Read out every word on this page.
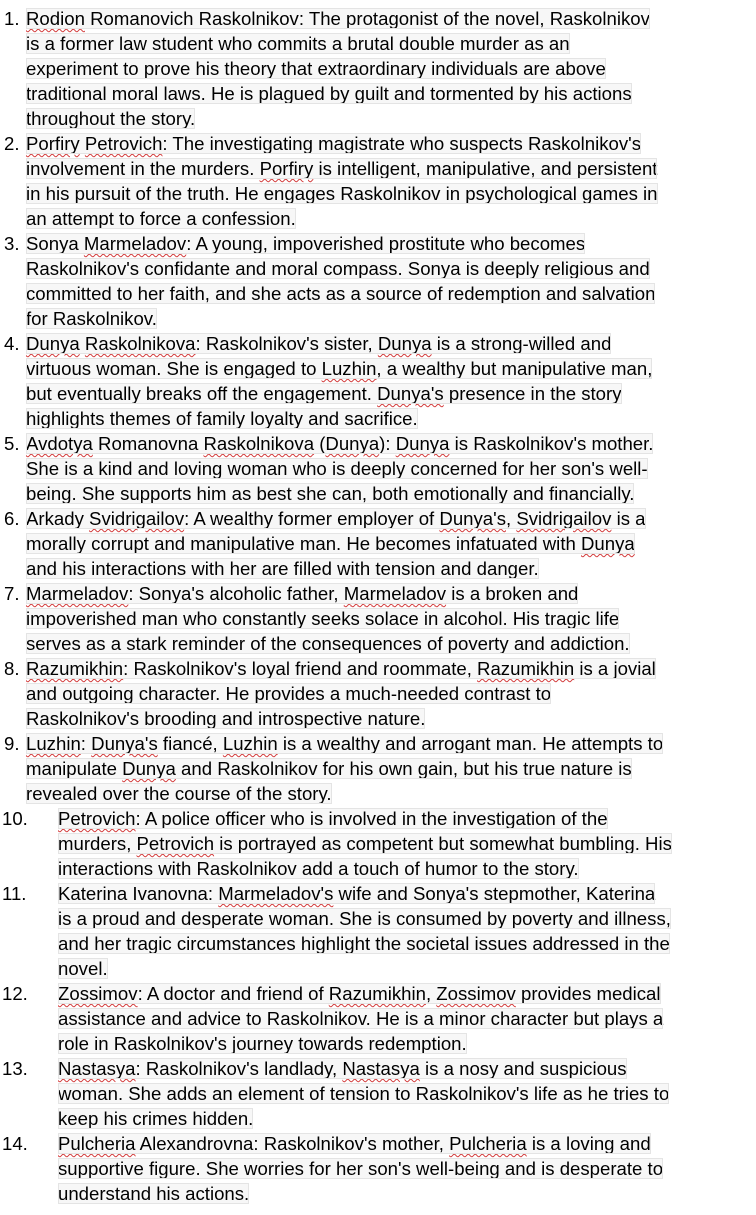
1. Rodion Romanovich Raskolnikov: The protagonist of the novel, Raskolnikov
is a former law student who commits a brutal double murder as an
experiment to prove his theory that extraordinary individuals are above
traditional moral laws. He is plagued by guilt and tormented by his actions
throughout the story.
2. Porfiry Petrovich: The investigating magistrate who suspects Raskolnikov's
involvement in the murders. Porfiry is intelligent, manipulative, and persistent
in his pursuit of the truth. He engages Raskolnikov in psychological games in
an attempt to force a confession.
3. Sonya Marmeladov: A young, impoverished prostitute who becomes
Raskolnikov's confidante and moral compass. Sonya is deeply religious and
committed to her faith, and she acts as a source of redemption and salvation
for Raskolnikov.
4. Dunya Raskolnikova: Raskolnikov's sister, Dunya is a strong-willed and
virtuous woman. She is engaged to Luzhin, a wealthy but manipulative man,
but eventually breaks off the engagement. Dunya's presence in the story
highlights themes of family loyalty and sacrifice.
5. Avdotya Romanovna Raskolnikova (Dunya): Dunya is Raskolnikov's mother.
She is a kind and loving woman who is deeply concerned for her son's well-
being. She supports him as best she can, both emotionally and financially.
6. Arkady Svidrigailov: A wealthy former employer of Dunya's, Svidrigailov is a
morally corrupt and manipulative man. He becomes infatuated with Dunya
and his interactions with her are filled with tension and danger.
7. Marmeladov: Sonya's alcoholic father, Marmeladov is a broken and
impoverished man who constantly seeks solace in alcohol. His tragic life
serves as a stark reminder of the consequences of poverty and addiction.
8. Razumikhin: Raskolnikov's loyal friend and roommate, Razumikhin is a jovial
and outgoing character. He provides a much-needed contrast to
Raskolnikov's brooding and introspective nature.
9. Luzhin: Dunya's fiancé, Luzhin is a wealthy and arrogant man. He attempts to
manipulate Dunya and Raskolnikov for his own gain, but his true nature is
revealed over the course of the story.
10.	Petrovich: A police officer who is involved in the investigation of the
murders, Petrovich is portrayed as competent but somewhat bumbling. His
interactions with Raskolnikov add a touch of humor to the story.
11.	Katerina Ivanovna: Marmeladov's wife and Sonya's stepmother, Katerina
is a proud and desperate woman. She is consumed by poverty and illness,
and her tragic circumstances highlight the societal issues addressed in the
novel.
12.	Zossimov: A doctor and friend of Razumikhin, Zossimov provides medical
assistance and advice to Raskolnikov. He is a minor character but plays a
role in Raskolnikov's journey towards redemption.
13.	Nastasya: Raskolnikov's landlady, Nastasya is a nosy and suspicious
woman. She adds an element of tension to Raskolnikov's life as he tries to
keep his crimes hidden.
14.	Pulcheria Alexandrovna: Raskolnikov's mother, Pulcheria is a loving and
supportive figure. She worries for her son's well-being and is desperate to
understand his actions.
